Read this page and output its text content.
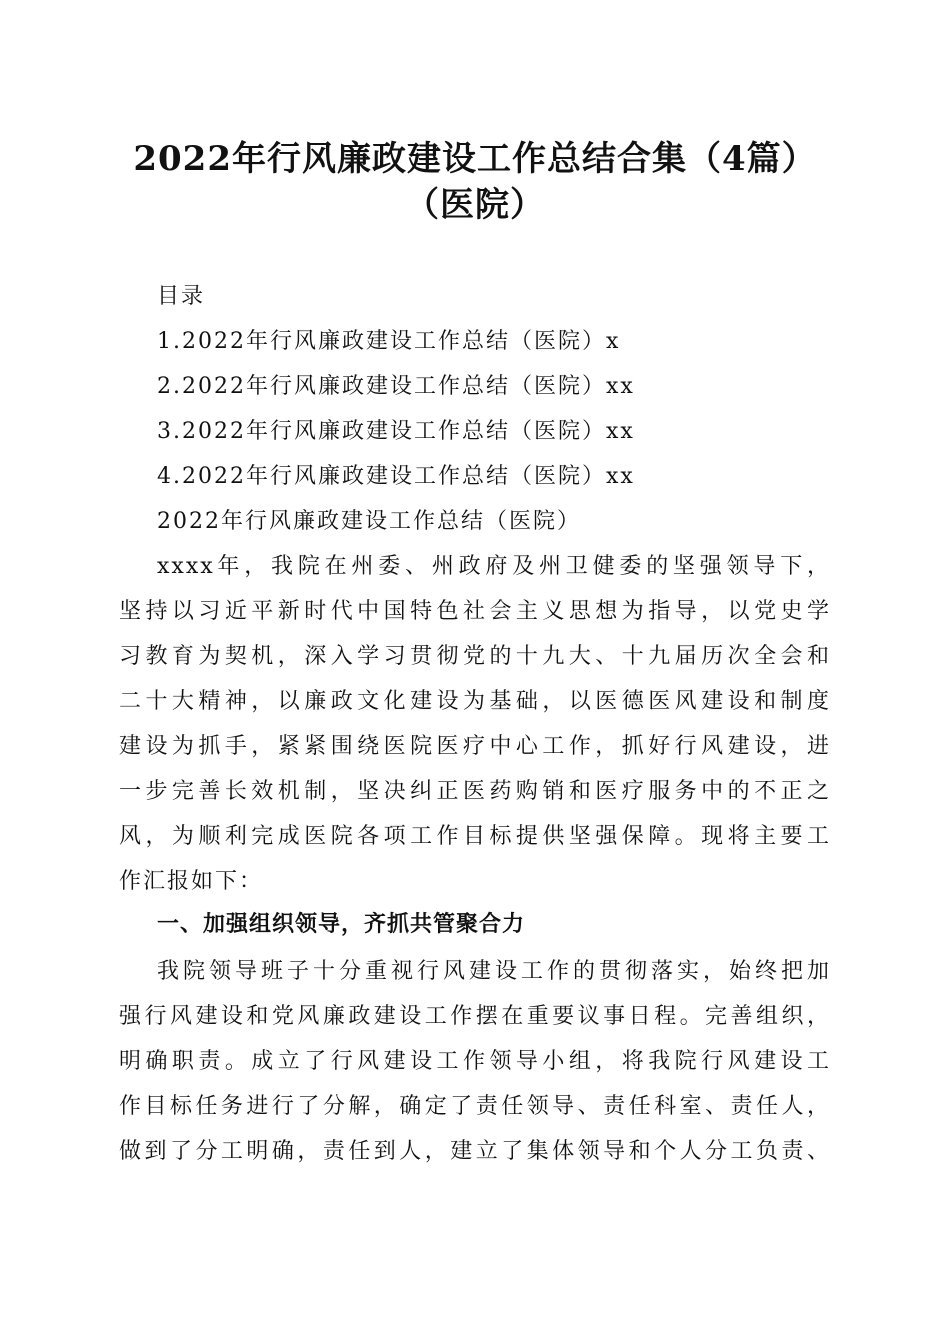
2022年行风廉政建设工作总结合集（4篇）
（医院）
目录
1.2022年行风廉政建设工作总结（医院）x
2.2022年行风廉政建设工作总结（医院）xx
3.2022年行风廉政建设工作总结（医院）xx
4.2022年行风廉政建设工作总结（医院）xx
2022年行风廉政建设工作总结（医院）
xxxx年，我院在州委、州政府及州卫健委的坚强领导下，
坚持以习近平新时代中国特色社会主义思想为指导，以党史学
习教育为契机，深入学习贯彻党的十九大、十九届历次全会和
二十大精神，以廉政文化建设为基础，以医德医风建设和制度
建设为抓手，紧紧围绕医院医疗中心工作，抓好行风建设，进
一步完善长效机制，坚决纠正医药购销和医疗服务中的不正之
风，为顺利完成医院各项工作目标提供坚强保障。现将主要工
作汇报如下：
一、加强组织领导，齐抓共管聚合力
我院领导班子十分重视行风建设工作的贯彻落实，始终把加
强行风建设和党风廉政建设工作摆在重要议事日程。完善组织，
明确职责。成立了行风建设工作领导小组，将我院行风建设工
作目标任务进行了分解，确定了责任领导、责任科室、责任人，
做到了分工明确，责任到人，建立了集体领导和个人分工负责、
